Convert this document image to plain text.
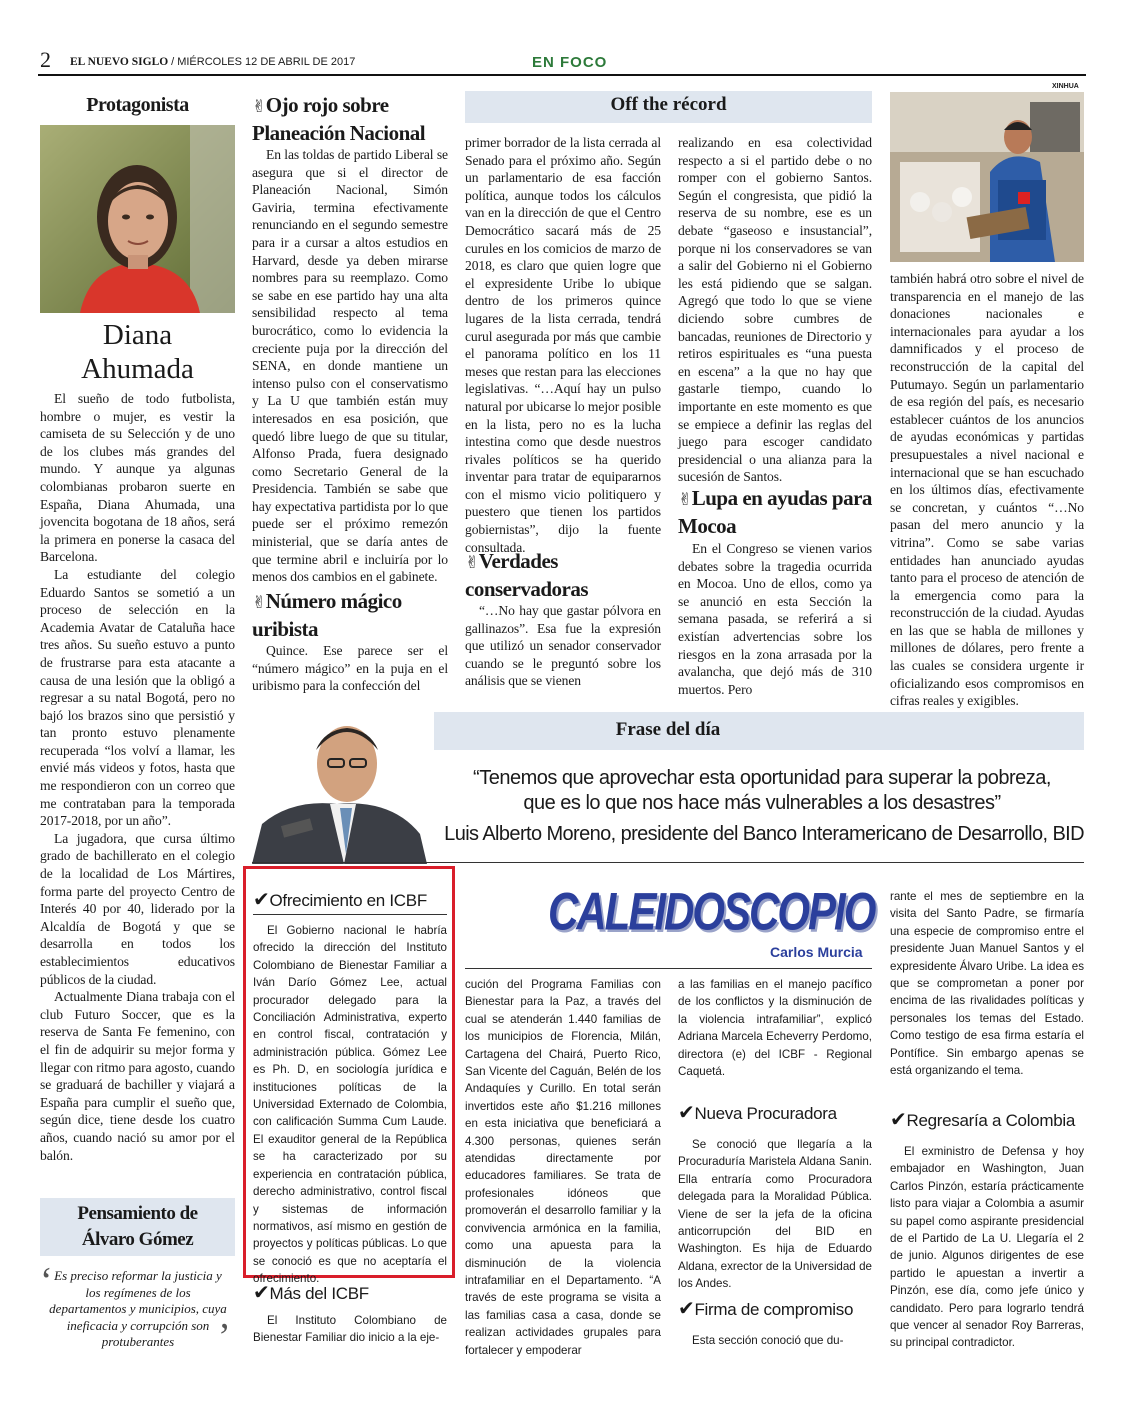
2 EL NUEVO SIGLO / MIÉRCOLES 12 DE ABRIL DE 2017	EN FOCO
Protagonista
Diana
Ahumada

El sueño de todo futbolista, hombre o mujer, es vestir la camiseta de su Selección y de uno de los clubes más grandes del mundo. Y aunque ya algunas colombianas probaron suerte en España, Diana Ahumada, una jovencita bogotana de 18 años, será la primera en ponerse la casaca del Barcelona.

La estudiante del colegio Eduardo Santos se sometió a un proceso de selección en la Academia Avatar de Cataluña hace tres años. Su sueño estuvo a punto de frustrarse para esta atacante a causa de una lesión que la obligó a regresar a su natal Bogotá, pero no bajó los brazos sino que persistió y tan pronto estuvo plenamente recuperada “los volví a llamar, les envié más videos y fotos, hasta que me respondieron con un correo que me contrataban para la temporada 2017-2018, por un año”.

La jugadora, que cursa último grado de bachillerato en el colegio de la localidad de Los Mártires, forma parte del proyecto Centro de Interés 40 por 40, liderado por la Alcaldía de Bogotá y que se desarrolla en todos los establecimientos educativos públicos de la ciudad.

Actualmente Diana trabaja con el club Futuro Soccer, que es la reserva de Santa Fe femenino, con el fin de adquirir su mejor forma y llegar con ritmo para agosto, cuando se graduará de bachiller y viajará a España para cumplir el sueño que, según dice, tiene desde los cuatro años, cuando nació su amor por el balón.

Pensamiento de
Álvaro Gómez
‘ Es preciso reformar la justicia y los regímenes de los departamentos y municipios, cuya ineficacia y corrupción son protuberantes	’
✌Ojo rojo sobre Planeación Nacional

En las toldas de partido Liberal se asegura que si el director de Planeación Nacional, Simón Gaviria, termina efectivamente renunciando en el segundo semestre para ir a cursar a altos estudios en Harvard, desde ya deben mirarse nombres para su reemplazo. Como se sabe en ese partido hay una alta sensibilidad respecto al tema burocrático, como lo evidencia la creciente puja por la dirección del SENA, en donde mantiene un intenso pulso con el conservatismo y La U que también están muy interesados en esa posición, que quedó libre luego de que su titular, Alfonso Prada, fuera designado como Secretario General de la Presidencia. También se sabe que hay expectativa partidista por lo que puede ser el próximo remezón ministerial, que se daría antes de que termine abril e incluiría por lo menos dos cambios en el gabinete.

✌Número mágico uribista

Quince. Ese parece ser el “número mágico” en la puja en el uribismo para la confección del

Off the récord

primer borrador de la lista cerrada al Senado para el próximo año. Según un parlamentario de esa facción política, aunque todos los cálculos van en la dirección de que el Centro Democrático sacará más de 25 curules en los comicios de marzo de 2018, es claro que quien logre que el expresidente Uribe lo ubique dentro de los primeros quince lugares de la lista cerrada, tendrá curul asegurada por más que cambie el panorama político en los 11 meses que restan para las elecciones legislativas. “…Aquí hay un pulso natural por ubicarse lo mejor posible en la lista, pero no es la lucha intestina como que desde nuestros rivales políticos se ha querido inventar para tratar de equipararnos con el mismo vicio politiquero y puestero que tienen los partidos gobiernistas”, dijo la fuente consultada.

✌Verdades conservadoras

“…No hay que gastar pólvora en gallinazos”. Esa fue la expresión que utilizó un senador conservador cuando se le preguntó sobre los análisis que se vienen

realizando en esa colectividad respecto a si el partido debe o no romper con el gobierno Santos. Según el congresista, que pidió la reserva de su nombre, ese es un debate “gaseoso e insustancial”, porque ni los conservadores se van a salir del Gobierno ni el Gobierno les está pidiendo que se salgan. Agregó que todo lo que se viene diciendo sobre cumbres de bancadas, reuniones de Directorio y retiros espirituales es “una puesta en escena” a la que no hay que gastarle tiempo, cuando lo importante en este momento es que se empiece a definir las reglas del juego para escoger candidato presidencial o una alianza para la sucesión de Santos.

✌Lupa en ayudas para Mocoa

En el Congreso se vienen varios debates sobre la tragedia ocurrida en Mocoa. Uno de ellos, como ya se anunció en esta Sección la semana pasada, se referirá a si existían advertencias sobre los riesgos en la zona arrasada por la avalancha, que dejó más de 310 muertos. Pero

XINHUA

también habrá otro sobre el nivel de transparencia en el manejo de las donaciones nacionales e internacionales para ayudar a los damnificados y el proceso de reconstrucción de la capital del Putumayo. Según un parlamentario de esa región del país, es necesario establecer cuántos de los anuncios de ayudas económicas y partidas presupuestales a nivel nacional e internacional que se han escuchado en los últimos días, efectivamente se concretan, y cuántos “…No pasan del mero anuncio y la vitrina”. Como se sabe varias entidades han anunciado ayudas tanto para el proceso de atención de la emergencia como para la reconstrucción de la ciudad. Ayudas en las que se habla de millones y millones de dólares, pero frente a las cuales se considera urgente ir oficializando esos compromisos en cifras reales y exigibles.

Frase del día
“Tenemos que aprovechar esta oportunidad para superar la pobreza,
que es lo que nos hace más vulnerables a los desastres”
Luis Alberto Moreno, presidente del Banco Interamericano de Desarrollo, BID
✔Ofrecimiento en ICBF

El Gobierno nacional le habría ofrecido la dirección del Instituto Colombiano de Bienestar Familiar a Iván Darío Gómez Lee, actual procurador delegado para la Conciliación Administrativa, experto en control fiscal, contratación y administración pública. Gómez Lee es Ph. D, en sociología jurídica e instituciones políticas de la Universidad Externado de Colombia, con calificación Summa Cum Laude. El exauditor general de la República se ha caracterizado por su experiencia en contratación pública, derecho administrativo, control fiscal y sistemas de información normativos, así mismo en gestión de proyectos y políticas públicas. Lo que se conoció es que no aceptaría el ofrecimiento.

✔Más del ICBF

El Instituto Colombiano de Bienestar Familiar dio inicio a la eje-

CALEIDOSCOPIO
Carlos Murcia

cución del Programa Familias con Bienestar para la Paz, a través del cual se atenderán 1.440 familias de los municipios de Florencia, Milán, Cartagena del Chairá, Puerto Rico, San Vicente del Caguán, Belén de los Andaquíes y Curillo. En total serán invertidos este año $1.216 millones en esta iniciativa que beneficiará a 4.300 personas, quienes serán atendidas directamente por educadores familiares. Se trata de profesionales idóneos que promoverán el desarrollo familiar y la convivencia armónica en la familia, como una apuesta para la disminución de la violencia intrafamiliar en el Departamento. “A través de este programa se visita a las familias casa a casa, donde se realizan actividades grupales para fortalecer y empoderar

a las familias en el manejo pacífico de los conflictos y la disminución de la violencia intrafamiliar”, explicó Adriana Marcela Echeverry Perdomo, directora (e) del ICBF - Regional Caquetá.

✔Nueva Procuradora

Se conoció que llegaría a la Procuraduría Maristela Aldana Sanin. Ella entraría como Procuradora delegada para la Moralidad Pública. Viene de ser la jefa de la oficina anticorrupción del BID en Washington. Es hija de Eduardo Aldana, exrector de la Universidad de los Andes.

✔Firma de compromiso

Esta sección conoció que du-

rante el mes de septiembre en la visita del Santo Padre, se firmaría una especie de compromiso entre el presidente Juan Manuel Santos y el expresidente Álvaro Uribe. La idea es que se comprometan a poner por encima de las rivalidades políticas y personales los temas del Estado. Como testigo de esa firma estaría el Pontífice. Sin embargo apenas se está organizando el tema.

✔Regresaría a Colombia

El exministro de Defensa y hoy embajador en Washington, Juan Carlos Pinzón, estaría prácticamente listo para viajar a Colombia a asumir su papel como aspirante presidencial de el Partido de La U. Llegaría el 2 de junio. Algunos dirigentes de ese partido le apuestan a invertir a Pinzón, ese día, como jefe único y candidato. Pero para lograrlo tendrá que vencer al senador Roy Barreras, su principal contradictor.
